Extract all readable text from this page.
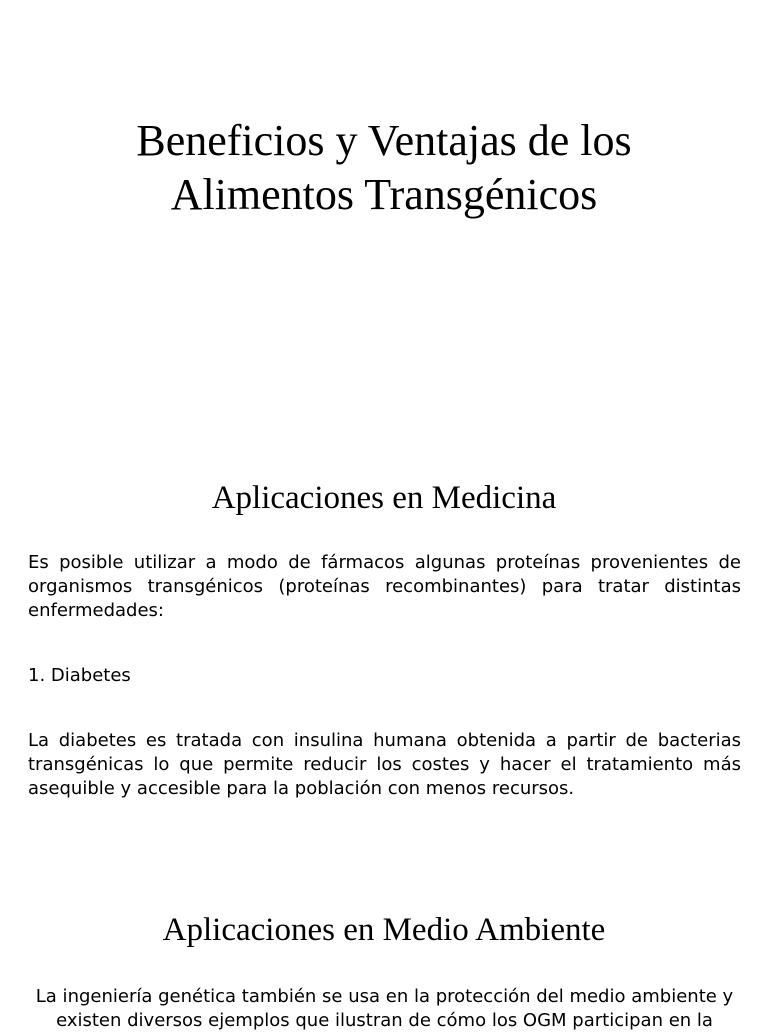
Beneficios y Ventajas de los
Alimentos Transgénicos
Aplicaciones en Medicina

Es posible utilizar a modo de fármacos algunas proteínas provenientes de organismos transgénicos (proteínas recombinantes) para tratar distintas enfermedades:

1. Diabetes

La diabetes es tratada con insulina humana obtenida a partir de bacterias transgénicas lo que permite reducir los costes y hacer el tratamiento más asequible y accesible para la población con menos recursos.

Aplicaciones en Medio Ambiente

La ingeniería genética también se usa en la protección del medio ambiente y existen diversos ejemplos que ilustran de cómo los OGM participan en la
